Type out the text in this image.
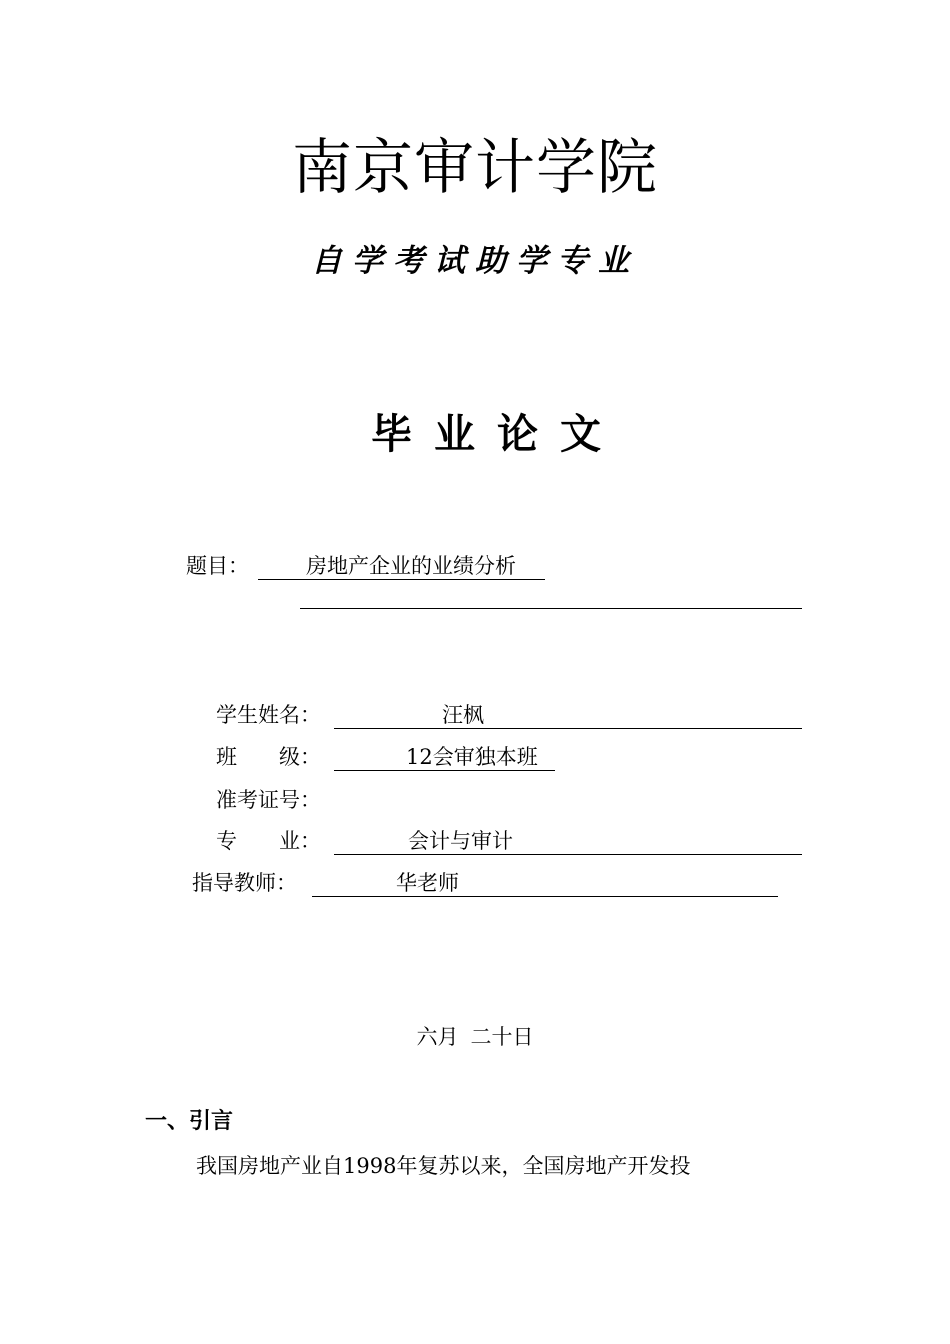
南京审计学院
自学考试助学专业
毕业论文
题目：	房地产企业的业绩分析
学生姓名：	汪枫
班　　级：	12会审独本班
准考证号：
专　　业：	会计与审计
指导教师：	华老师
六月 二十日
一、引言
我国房地产业自1998年复苏以来，全国房地产开发投
